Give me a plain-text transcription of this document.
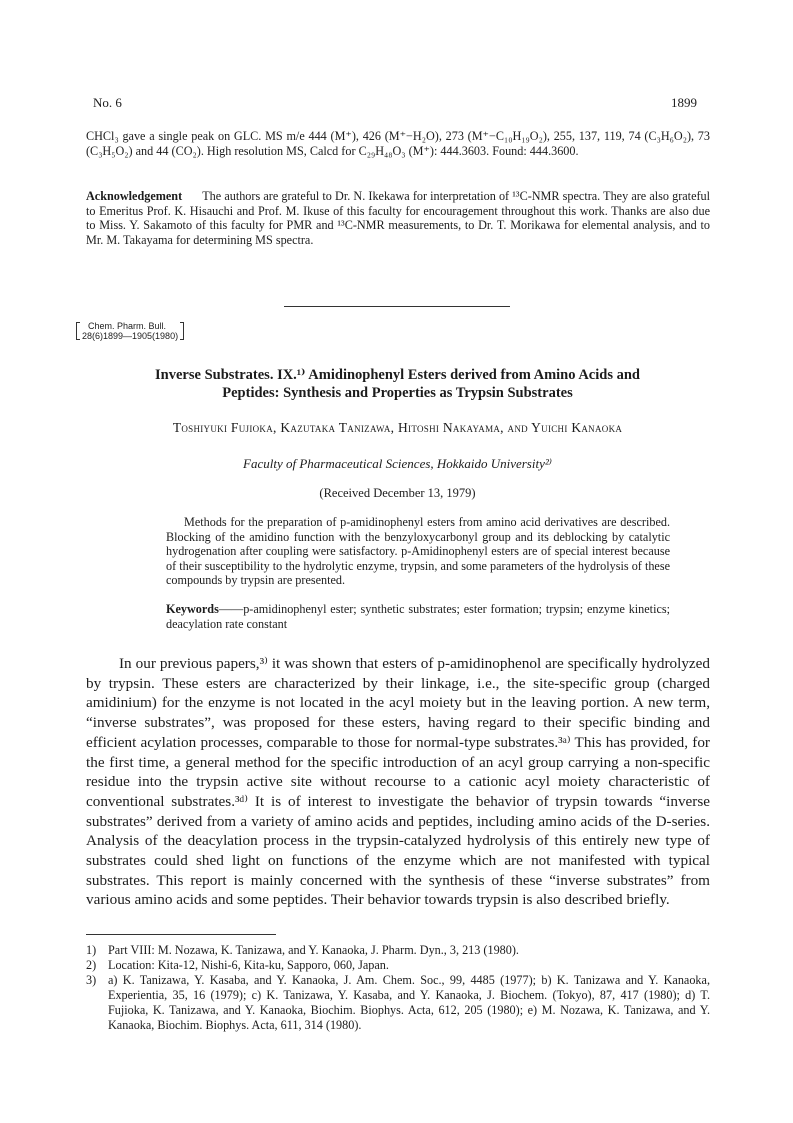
No. 6	1899
CHCl₃ gave a single peak on GLC. MS m/e 444 (M⁺), 426 (M⁺−H₂O), 273 (M⁺−C₁₀H₁₉O₂), 255, 137, 119, 74 (C₃H₆O₂), 73 (C₃H₅O₂) and 44 (CO₂). High resolution MS, Calcd for C₂₉H₄₈O₃ (M⁺): 444.3603. Found: 444.3600.
Acknowledgement The authors are grateful to Dr. N. Ikekawa for interpretation of ¹³C-NMR spectra. They are also grateful to Emeritus Prof. K. Hisauchi and Prof. M. Ikuse of this faculty for encouragement throughout this work. Thanks are also due to Miss. Y. Sakamoto of this faculty for PMR and ¹³C-NMR measurements, to Dr. T. Morikawa for elemental analysis, and to Mr. M. Takayama for determining MS spectra.
Chem. Pharm. Bull.
28(6)1899—1905(1980)
Inverse Substrates. IX.¹⁾ Amidinophenyl Esters derived from Amino Acids and
Peptides: Synthesis and Properties as Trypsin Substrates
Toshiyuki Fujioka, Kazutaka Tanizawa, Hitoshi Nakayama, and Yuichi Kanaoka
Faculty of Pharmaceutical Sciences, Hokkaido University²⁾
(Received December 13, 1979)
Methods for the preparation of p-amidinophenyl esters from amino acid derivatives are described. Blocking of the amidino function with the benzyloxycarbonyl group and its deblocking by catalytic hydrogenation after coupling were satisfactory. p-Amidinophenyl esters are of special interest because of their susceptibility to the hydrolytic enzyme, trypsin, and some parameters of the hydrolysis of these compounds by trypsin are presented.
Keywords——p-amidinophenyl ester; synthetic substrates; ester formation; trypsin; enzyme kinetics; deacylation rate constant

In our previous papers,³⁾ it was shown that esters of p-amidinophenol are specifically hydrolyzed by trypsin. These esters are characterized by their linkage, i.e., the site-specific group (charged amidinium) for the enzyme is not located in the acyl moiety but in the leaving portion. A new term, “inverse substrates”, was proposed for these esters, having regard to their specific binding and efficient acylation processes, comparable to those for normal-type substrates.³ᵃ⁾ This has provided, for the first time, a general method for the specific introduction of an acyl group carrying a non-specific residue into the trypsin active site without recourse to a cationic acyl moiety characteristic of conventional substrates.³ᵈ⁾ It is of interest to investigate the behavior of trypsin towards “inverse substrates” derived from a variety of amino acids and peptides, including amino acids of the D-series. Analysis of the deacylation process in the trypsin-catalyzed hydrolysis of this entirely new type of substrates could shed light on functions of the enzyme which are not manifested with typical substrates. This report is mainly concerned with the synthesis of these “inverse substrates” from various amino acids and some peptides. Their behavior towards trypsin is also described briefly.

1) Part VIII: M. Nozawa, K. Tanizawa, and Y. Kanaoka, J. Pharm. Dyn., 3, 213 (1980).
2) Location: Kita-12, Nishi-6, Kita-ku, Sapporo, 060, Japan.
3) a) K. Tanizawa, Y. Kasaba, and Y. Kanaoka, J. Am. Chem. Soc., 99, 4485 (1977); b) K. Tanizawa and Y. Kanaoka, Experientia, 35, 16 (1979); c) K. Tanizawa, Y. Kasaba, and Y. Kanaoka, J. Biochem. (Tokyo), 87, 417 (1980); d) T. Fujioka, K. Tanizawa, and Y. Kanaoka, Biochim. Biophys. Acta, 612, 205 (1980); e) M. Nozawa, K. Tanizawa, and Y. Kanaoka, Biochim. Biophys. Acta, 611, 314 (1980).
